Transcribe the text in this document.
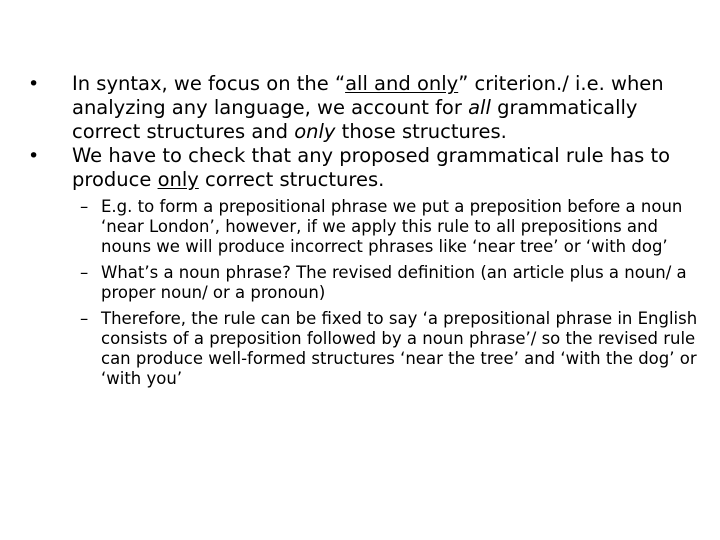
•	In syntax, we focus on the “all and only” criterion./ i.e. when analyzing any language, we account for all grammatically correct structures and only those structures.
•	We have to check that any proposed grammatical rule has to produce only correct structures.
– E.g. to form a prepositional phrase we put a preposition before a noun ‘near London’, however, if we apply this rule to all prepositions and nouns we will produce incorrect phrases like ‘near tree’ or ‘with dog’
– What’s a noun phrase? The revised definition (an article plus a noun/ a proper noun/ or a pronoun)
– Therefore, the rule can be fixed to say ‘a prepositional phrase in English consists of a preposition followed by a noun phrase’/ so the revised rule can produce well-formed structures ‘near the tree’ and ‘with the dog’ or ‘with you’
